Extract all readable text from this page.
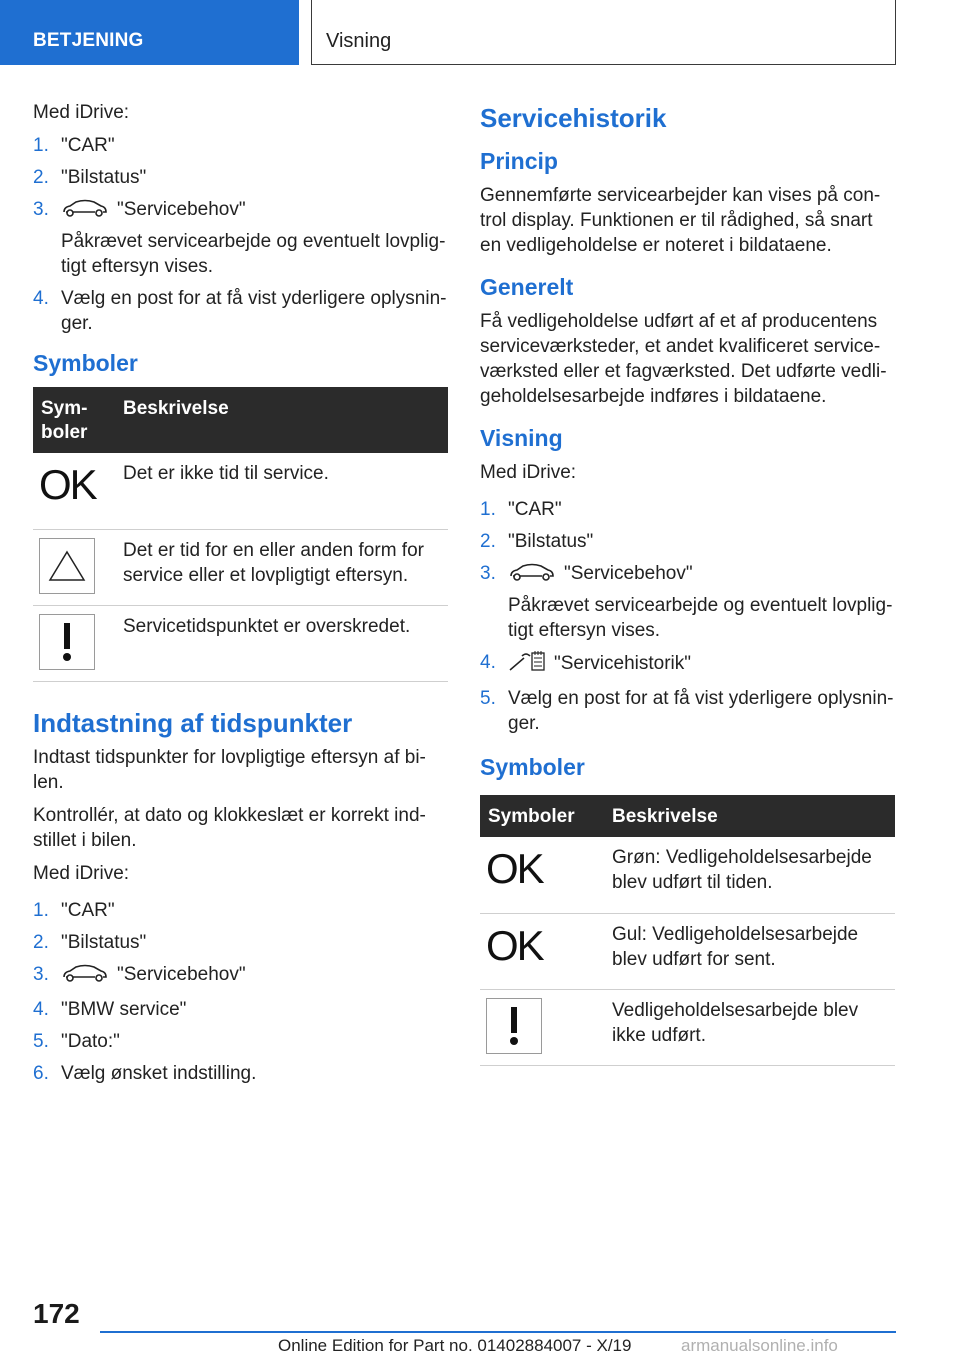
BETJENING	Visning

Med iDrive:

1. "CAR"
2. "Bilstatus"
3.	"Servicebehov"
Påkrævet servicearbejde og eventuelt lovplig-tigt eftersyn vises.
4. Vælg en post for at få vist yderligere oplysnin-ger.
Symboler
Sym-boler	Beskrivelse

OK	Det er ikke tid til service.

	Det er tid for en eller anden form for service eller et lovpligtigt eftersyn.

	Servicetidspunktet er overskredet.
Indtastning af tidspunkter

Indtast tidspunkter for lovpligtige eftersyn af bi-len.

Kontrollér, at dato og klokkeslæt er korrekt ind-stillet i bilen.

Med iDrive:

1. "CAR"
2. "Bilstatus"
3.	"Servicebehov"
4. "BMW service"
5. "Dato:"
6. Vælg ønsket indstilling.
Servicehistorik
Princip

Gennemførte servicearbejder kan vises på con-trol display. Funktionen er til rådighed, så snart en vedligeholdelse er noteret i bildataene.

Generelt

Få vedligeholdelse udført af et af producentens serviceværksteder, et andet kvalificeret service-værksted eller et fagværksted. Det udførte vedli-geholdelsesarbejde indføres i bildataene.

Visning

Med iDrive:

1. "CAR"
2. "Bilstatus"
3.	"Servicebehov"
Påkrævet servicearbejde og eventuelt lovplig-tigt eftersyn vises.
4.	"Servicehistorik"
5. Vælg en post for at få vist yderligere oplysnin-ger.
Symboler
Symboler	Beskrivelse

OK	Grøn: Vedligeholdelsesarbejde blev udført til tiden.

OK	Gul: Vedligeholdelsesarbejde blev udført for sent.

	Vedligeholdelsesarbejde blev ikke udført.
172
Online Edition for Part no. 01402884007 - X/19	armanualsonline.info
